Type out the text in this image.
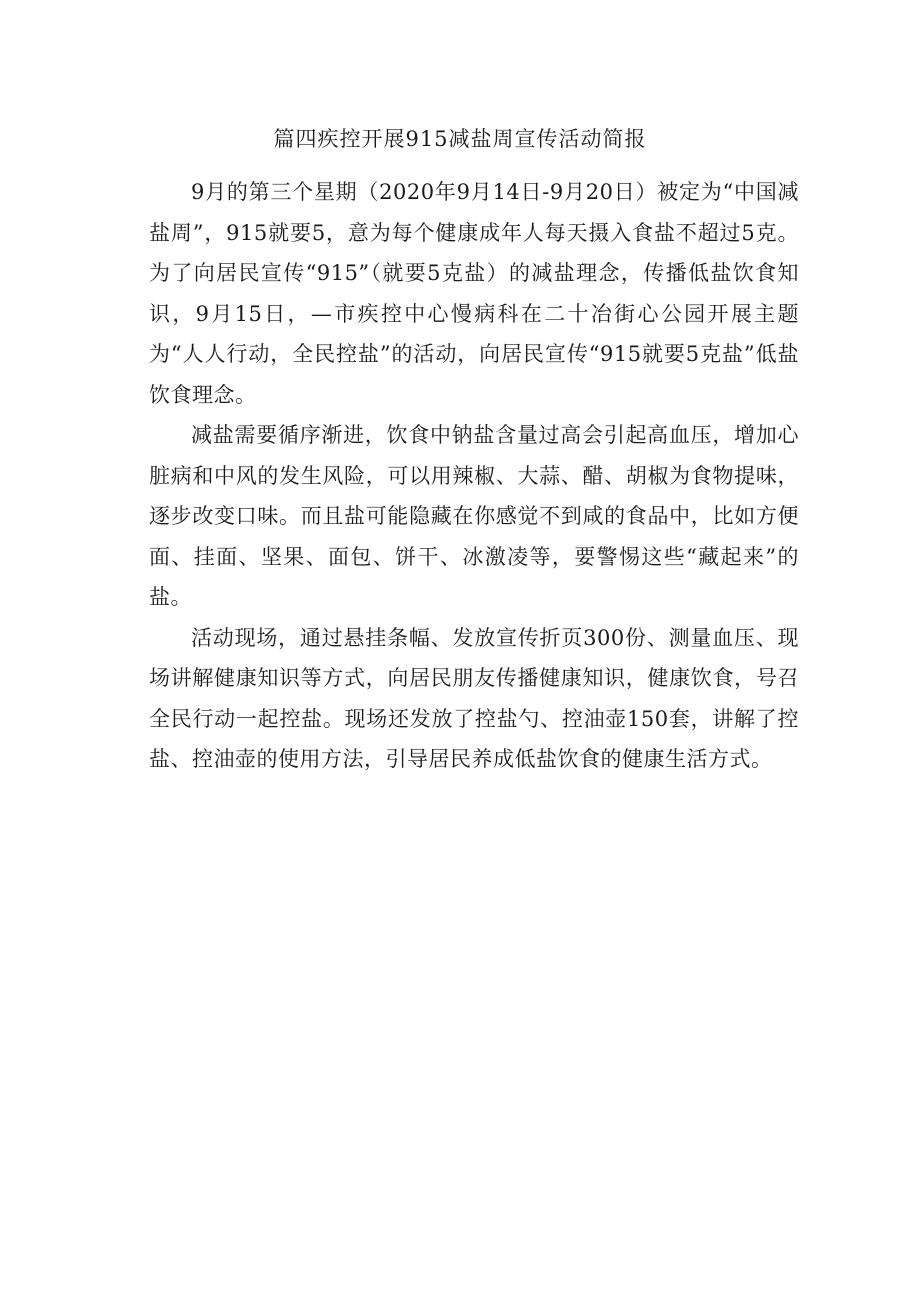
篇四疾控开展915减盐周宣传活动简报

9月的第三个星期（2020年9月14日-9月20日）被定为“中国减盐周”，915就要5，意为每个健康成年人每天摄入食盐不超过5克。为了向居民宣传“915”（就要5克盐）的减盐理念，传播低盐饮食知识，9月15日，—市疾控中心慢病科在二十冶街心公园开展主题为“人人行动，全民控盐”的活动，向居民宣传“915就要5克盐”低盐饮食理念。

减盐需要循序渐进，饮食中钠盐含量过高会引起高血压，增加心脏病和中风的发生风险，可以用辣椒、大蒜、醋、胡椒为食物提味，逐步改变口味。而且盐可能隐藏在你感觉不到咸的食品中，比如方便面、挂面、坚果、面包、饼干、冰激凌等，要警惕这些“藏起来”的盐。

活动现场，通过悬挂条幅、发放宣传折页300份、测量血压、现场讲解健康知识等方式，向居民朋友传播健康知识，健康饮食，号召全民行动一起控盐。现场还发放了控盐勺、控油壶150套，讲解了控盐、控油壶的使用方法，引导居民养成低盐饮食的健康生活方式。
